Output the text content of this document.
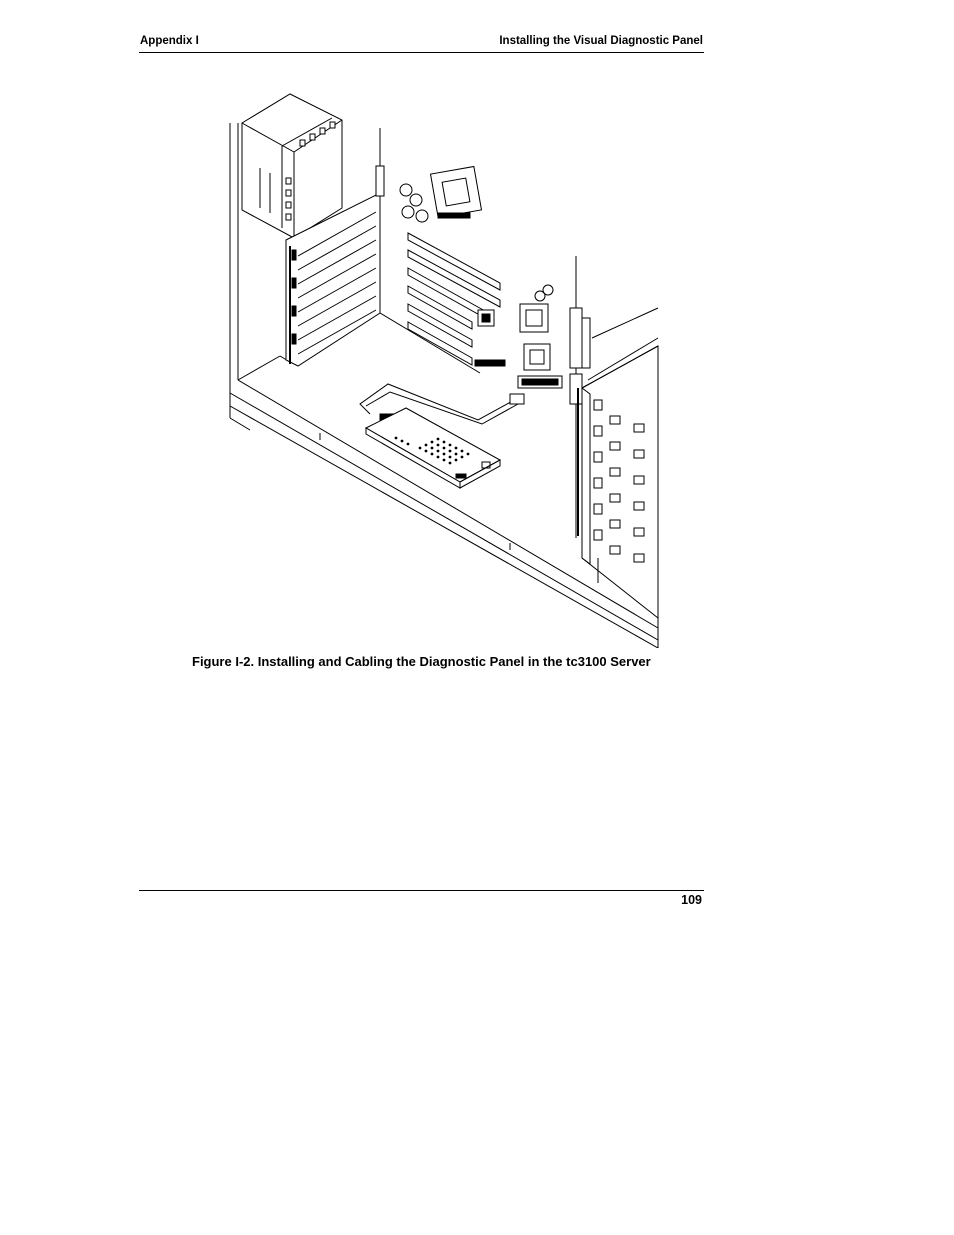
Appendix I	Installing the Visual Diagnostic Panel
Figure I-2. Installing and Cabling the Diagnostic Panel in the tc3100 Server
109
